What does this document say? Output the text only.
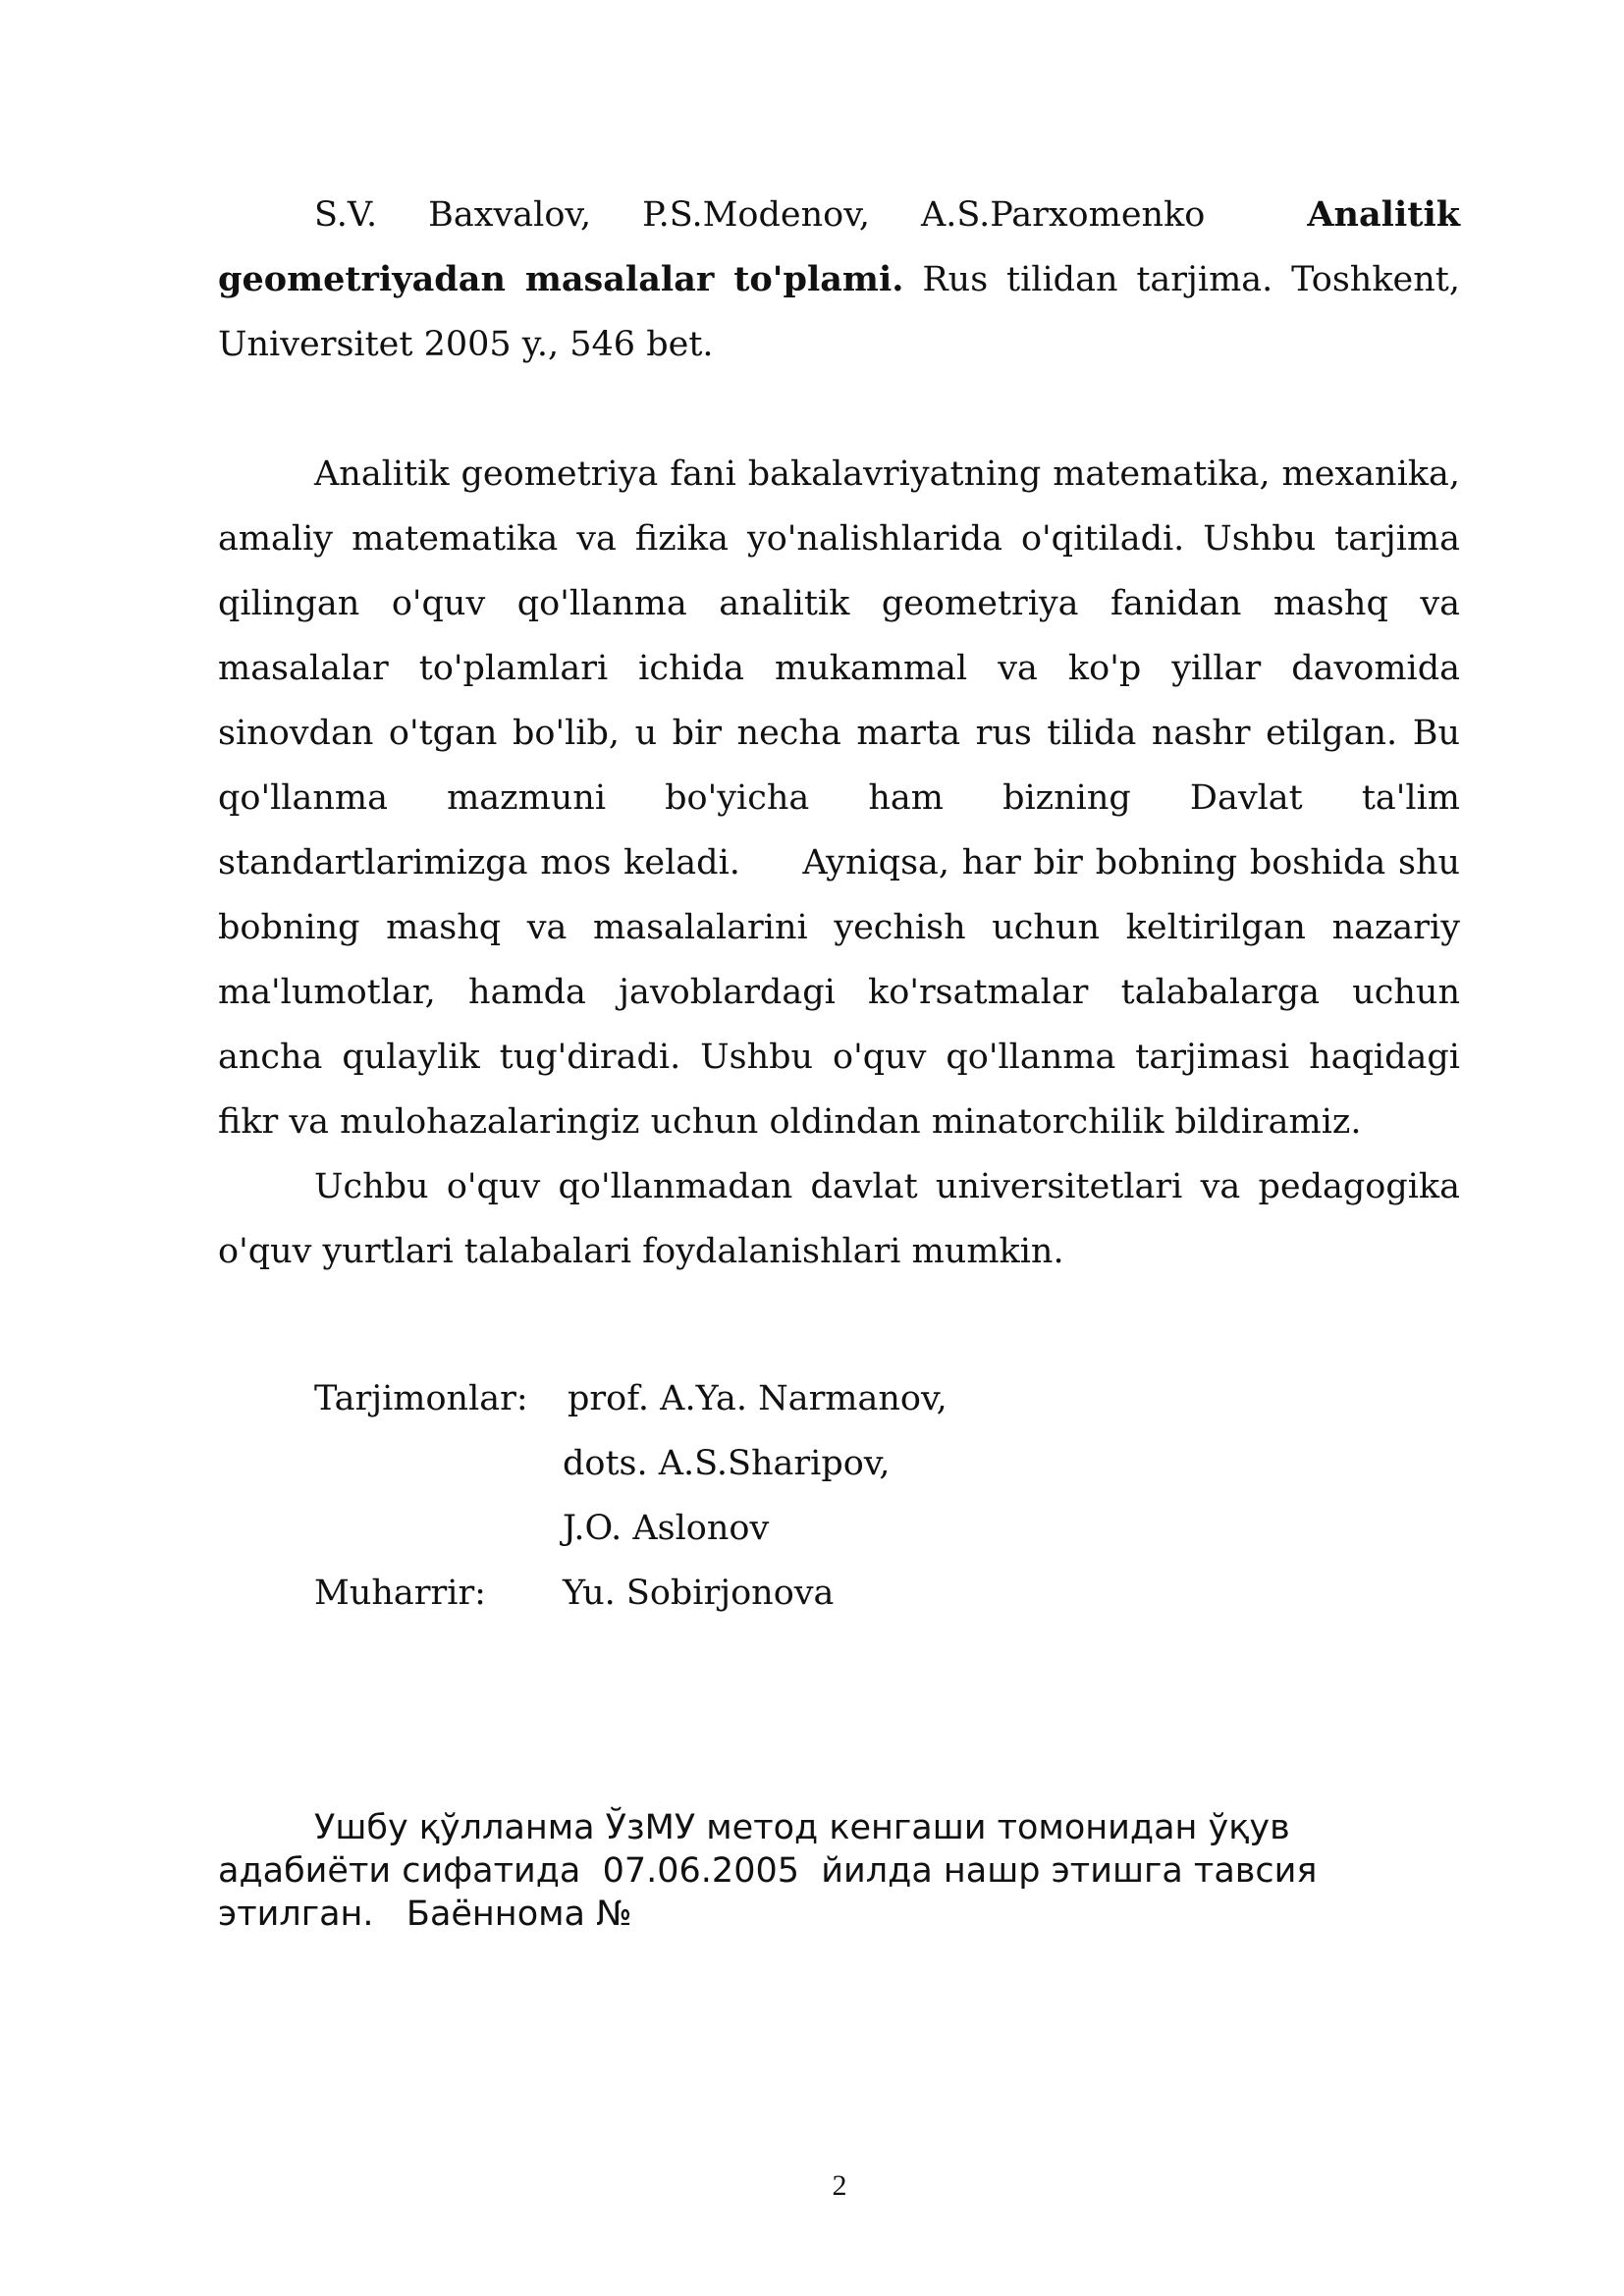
S.V. Baxvalov, P.S.Modenov, A.S.Parxomenko	Analitik geometriyadan masalalar to'plami. Rus tilidan tarjima. Toshkent, Universitet 2005 y., 546 bet.

Analitik geometriya fani bakalavriyatning matematika, mexanika, amaliy matematika va fizika yo'nalishlarida o'qitiladi. Ushbu tarjima qilingan o'quv qo'llanma analitik geometriya fanidan mashq va masalalar to'plamlari ichida mukammal va ko'p yillar davomida sinovdan o'tgan bo'lib, u bir necha marta rus tilida nashr etilgan. Bu qo'llanma mazmuni bo'yicha ham bizning Davlat ta'lim standartlarimizga mos keladi.     Ayniqsa, har bir bobning boshida shu bobning mashq va masalalarini yechish uchun keltirilgan nazariy ma'lumotlar, hamda javoblardagi ko'rsatmalar talabalarga uchun ancha qulaylik tug'diradi. Ushbu o'quv qo'llanma tarjimasi haqidagi fikr va mulohazalaringiz uchun oldindan minatorchilik bildiramiz.

Uchbu o'quv qo'llanmadan davlat universitetlari va pedagogika o'quv yurtlari talabalari foydalanishlari mumkin.

Tarjimonlar:	prof. A.Ya. Narmanov,
dots. A.S.Sharipov,
J.O. Aslonov
Muharrir:	Yu. Sobirjonova

Ушбу қўлланма ЎзМУ метод кенгаши томонидан ўқув адабиёти сифатида  07.06.2005  йилда нашр этишга тавсия этилган.   Баённома №

2
